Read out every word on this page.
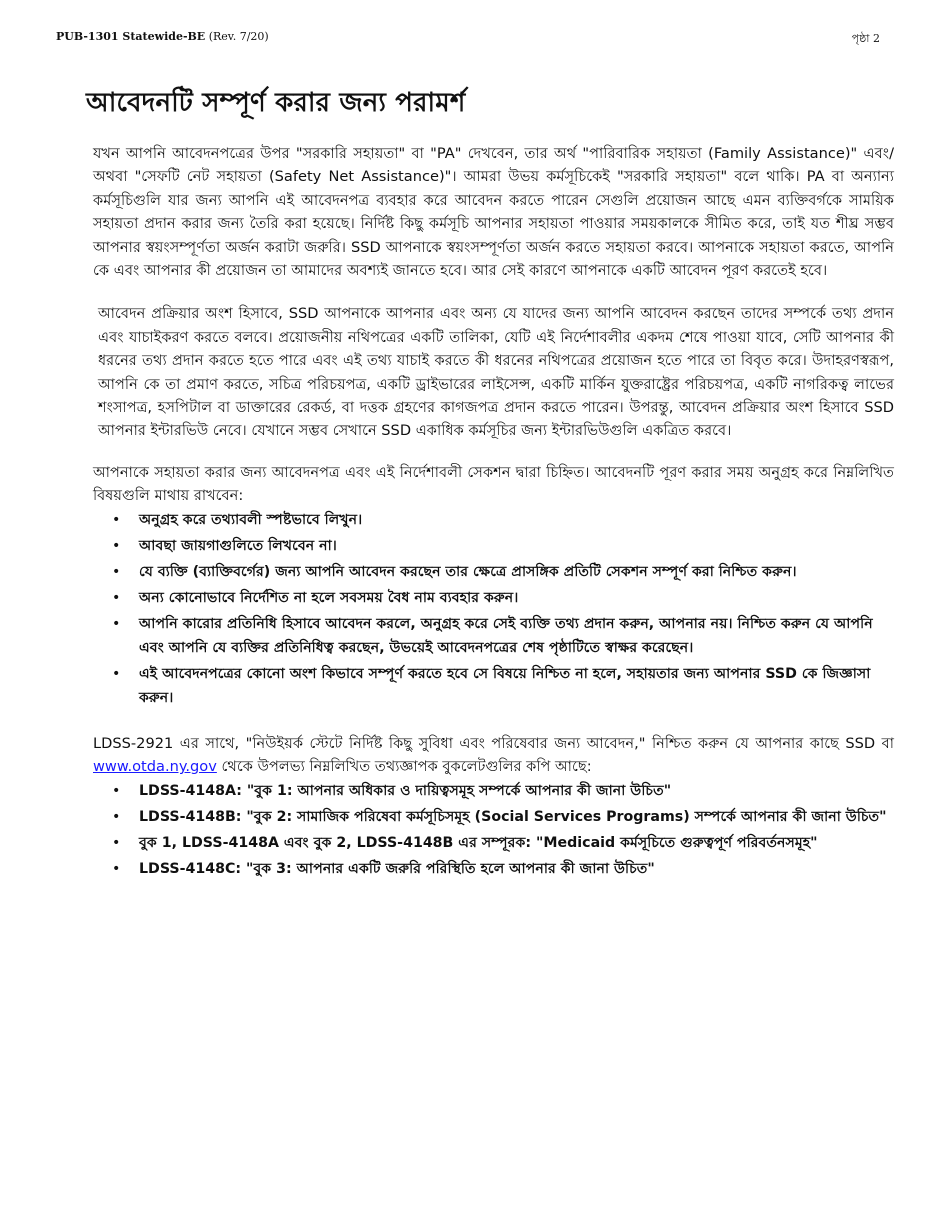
PUB-1301 Statewide-BE (Rev. 7/20)	পৃষ্ঠা 2
আবেদনটি সম্পূর্ণ করার জন্য পরামর্শ

যখন আপনি আবেদনপত্রের উপর "সরকারি সহায়তা" বা "PA" দেখবেন, তার অর্থ "পারিবারিক সহায়তা (Family Assistance)" এবং/অথবা "সেফটি নেট সহায়তা (Safety Net Assistance)"। আমরা উভয় কর্মসূচিকেই "সরকারি সহায়তা" বলে থাকি। PA বা অন্যান্য কর্মসূচিগুলি যার জন্য আপনি এই আবেদনপত্র ব্যবহার করে আবেদন করতে পারেন সেগুলি প্রয়োজন আছে এমন ব্যক্তিবর্গকে সাময়িক সহায়তা প্রদান করার জন্য তৈরি করা হয়েছে। নির্দিষ্ট কিছু কর্মসূচি আপনার সহায়তা পাওয়ার সময়কালকে সীমিত করে, তাই যত শীঘ্র সম্ভব আপনার স্বয়ংসম্পূর্ণতা অর্জন করাটা জরুরি। SSD আপনাকে স্বয়ংসম্পূর্ণতা অর্জন করতে সহায়তা করবে। আপনাকে সহায়তা করতে, আপনি কে এবং আপনার কী প্রয়োজন তা আমাদের অবশ্যই জানতে হবে। আর সেই কারণে আপনাকে একটি আবেদন পূরণ করতেই হবে।

আবেদন প্রক্রিয়ার অংশ হিসাবে, SSD আপনাকে আপনার এবং অন্য যে যাদের জন্য আপনি আবেদন করছেন তাদের সম্পর্কে তথ্য প্রদান এবং যাচাইকরণ করতে বলবে। প্রয়োজনীয় নথিপত্রের একটি তালিকা, যেটি এই নির্দেশাবলীর একদম শেষে পাওয়া যাবে, সেটি আপনার কী ধরনের তথ্য প্রদান করতে হতে পারে এবং এই তথ্য যাচাই করতে কী ধরনের নথিপত্রের প্রয়োজন হতে পারে তা বিবৃত করে। উদাহরণস্বরূপ, আপনি কে তা প্রমাণ করতে, সচিত্র পরিচয়পত্র, একটি ড্রাইভারের লাইসেন্স, একটি মার্কিন যুক্তরাষ্ট্রের পরিচয়পত্র, একটি নাগরিকত্ব লাভের শংসাপত্র, হসপিটাল বা ডাক্তারের রেকর্ড, বা দত্তক গ্রহণের কাগজপত্র প্রদান করতে পারেন। উপরন্তু, আবেদন প্রক্রিয়ার অংশ হিসাবে SSD আপনার ইন্টারভিউ নেবে। যেখানে সম্ভব সেখানে SSD একাধিক কর্মসূচির জন্য ইন্টারভিউগুলি একত্রিত করবে।

আপনাকে সহায়তা করার জন্য আবেদনপত্র এবং এই নির্দেশাবলী সেকশন দ্বারা চিহ্নিত। আবেদনটি পূরণ করার সময় অনুগ্রহ করে নিম্নলিখিত বিষয়গুলি মাথায় রাখবেন:

• অনুগ্রহ করে তথ্যাবলী স্পষ্টভাবে লিখুন।
• আবছা জায়গাগুলিতে লিখবেন না।
• যে ব্যক্তি (ব্যাক্তিবর্গের) জন্য আপনি আবেদন করছেন তার ক্ষেত্রে প্রাসঙ্গিক প্রতিটি সেকশন সম্পূর্ণ করা নিশ্চিত করুন।
• অন্য কোনোভাবে নির্দেশিত না হলে সবসময় বৈধ নাম ব্যবহার করুন।
• আপনি কারোর প্রতিনিধি হিসাবে আবেদন করলে, অনুগ্রহ করে সেই ব্যক্তি তথ্য প্রদান করুন, আপনার নয়। নিশ্চিত করুন যে আপনি এবং আপনি যে ব্যক্তির প্রতিনিধিত্ব করছেন, উভয়েই আবেদনপত্রের শেষ পৃষ্ঠাটিতে স্বাক্ষর করেছেন।
• এই আবেদনপত্রের কোনো অংশ কিভাবে সম্পূর্ণ করতে হবে সে বিষয়ে নিশ্চিত না হলে, সহায়তার জন্য আপনার SSD কে জিজ্ঞাসা করুন।

LDSS-2921 এর সাথে, "নিউইয়র্ক স্টেটে নির্দিষ্ট কিছু সুবিধা এবং পরিষেবার জন্য আবেদন," নিশ্চিত করুন যে আপনার কাছে SSD বা www.otda.ny.gov থেকে উপলভ্য নিম্নলিখিত তথ্যজ্ঞাপক বুকলেটগুলির কপি আছে:

• LDSS-4148A: "বুক 1: আপনার অধিকার ও দায়িত্বসমূহ সম্পর্কে আপনার কী জানা উচিত"
• LDSS-4148B: "বুক 2: সামাজিক পরিষেবা কর্মসূচিসমূহ (Social Services Programs) সম্পর্কে আপনার কী জানা উচিত"
• বুক 1, LDSS-4148A এবং বুক 2, LDSS-4148B এর সম্পূরক: "Medicaid কর্মসূচিতে গুরুত্বপূর্ণ পরিবর্তনসমূহ"
• LDSS-4148C: "বুক 3: আপনার একটি জরুরি পরিস্থিতি হলে আপনার কী জানা উচিত"
